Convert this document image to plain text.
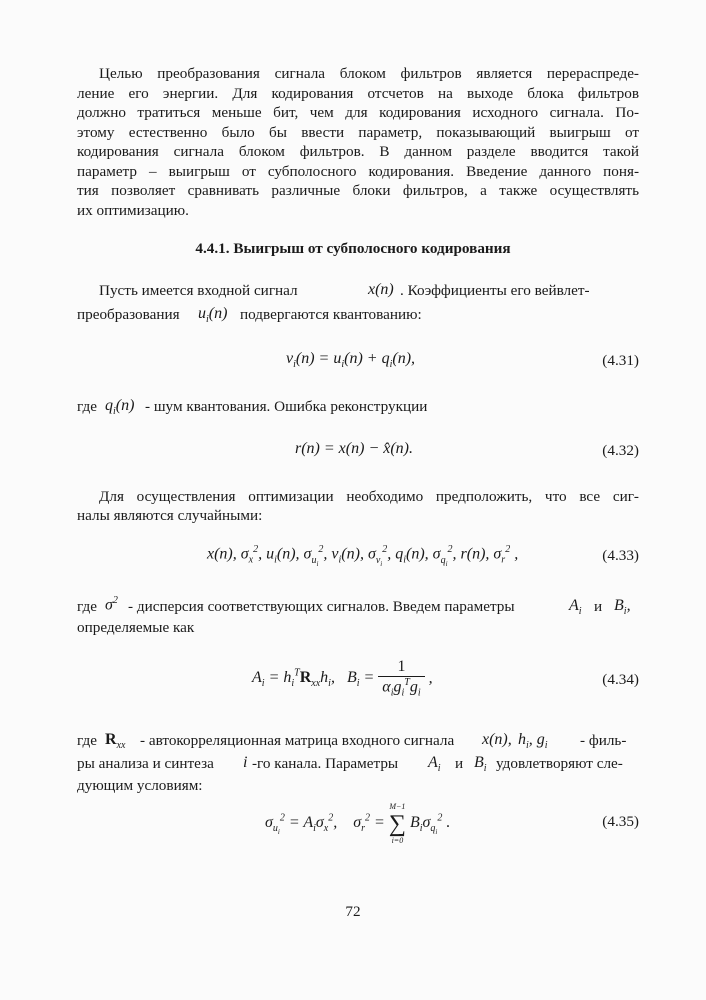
Целью преобразования сигнала блоком фильтров является перераспреде-
ление его энергии. Для кодирования отсчетов на выходе блока фильтров
должно тратиться меньше бит, чем для кодирования исходного сигнала. По-
этому естественно было бы ввести параметр, показывающий выигрыш от
кодирования сигнала блоком фильтров. В данном разделе вводится такой
параметр – выигрыш от субполосного кодирования. Введение данного поня-
тия позволяет сравнивать различные блоки фильтров, а также осуществлять
их оптимизацию.

4.4.1. Выигрыш от субполосного кодирования

Пусть имеется входной сигнал	x(n) . Коэффициенты его вейвлет-
преобразования $u_i(n)$ подвергаются квантованию:
$v_i(n) = u_i(n) + q_i(n)$,	(4.31)
где $q_i(n)$ - шум квантования. Ошибка реконструкции
r(n) = x(n) − x̂(n).	(4.32)
Для осуществления оптимизации необходимо предположить, что все сиг-
налы являются случайными:
x(n), $\sigma_x^2$, $u_i(n)$, $\sigma_{u_i}^2$, $v_i(n)$, $\sigma_{v_i}^2$, $q_i(n)$, $\sigma_{q_i}^2$, r(n), $\sigma_r^2$ ,	(4.33)
где $\sigma^2$ - дисперсия соответствующих сигналов. Введем параметры	$A_i$ и $B_i$,
определяемые как
$A_i = h_i^TR_{xx}h_i$,   $B_i = \frac{1}{\alpha_ig_i^Tg_i}$ ,	(4.34)
где $R_{xx}$ - автокорреляционная матрица входного сигнала x(n), $h_i$, $g_i$ - филь-
ры анализа и синтеза i -го канала. Параметры $A_i$ и $B_i$ удовлетворяют сле-
дующим условиям:
$\sigma_{u_i}^2 = A_i\sigma_x^2$,    $\sigma_r^2$ =
M−1
∑
i=0
$B_i\sigma_{q_i}^2$ .	(4.35)
72
